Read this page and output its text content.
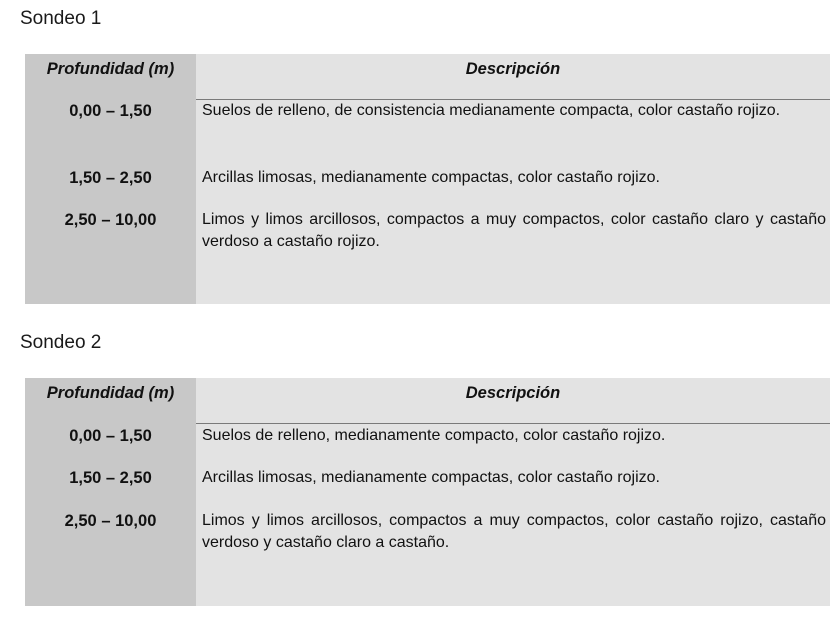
Sondeo 1
Profundidad (m)	Descripción
0,00 – 1,50	Suelos de relleno, de consistencia medianamente compacta, color castaño rojizo.
1,50 – 2,50	Arcillas limosas, medianamente compactas, color castaño rojizo.
2,50 – 10,00	Limos y limos arcillosos, compactos a muy compactos, color castaño claro y castaño verdoso a castaño rojizo.
Sondeo 2
Profundidad (m)	Descripción
0,00 – 1,50	Suelos de relleno, medianamente compacto, color castaño rojizo.
1,50 – 2,50	Arcillas limosas, medianamente compactas, color castaño rojizo.
2,50 – 10,00	Limos y limos arcillosos, compactos a muy compactos, color castaño rojizo, castaño verdoso y castaño claro a castaño.
